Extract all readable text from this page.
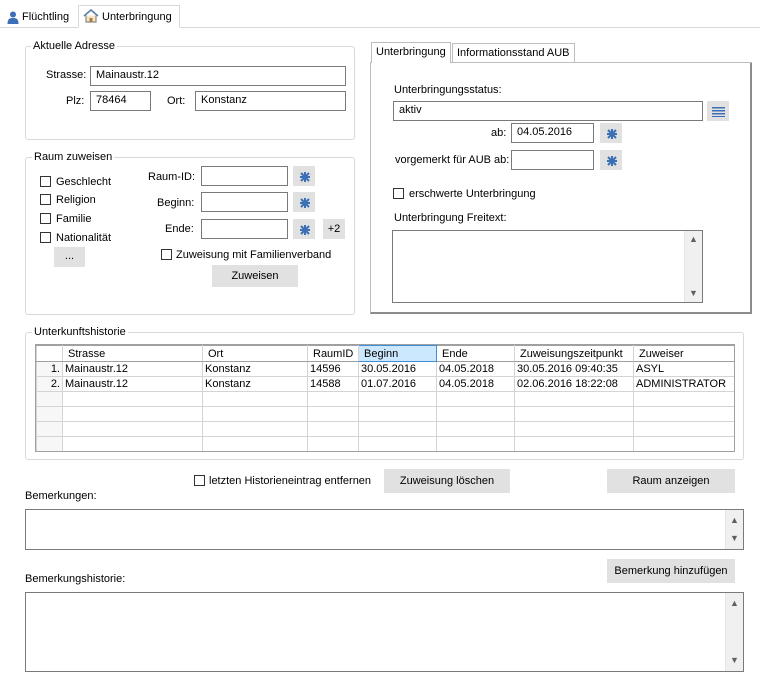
Flüchtling	Unterbringung
Aktuelle Adresse
Strasse: Mainaustr.12
Plz:	78464	Ort:	Konstanz
Raum zuweisen
Geschlecht
Religion
Familie
Nationalität
...
Raum-ID:
Beginn:
Ende:	+2
Zuweisung mit Familienverband
Zuweisen
Unterbringung	Informationsstand AUB
Unterbringungsstatus:
aktiv
ab: 04.05.2016
vorgemerkt für AUB ab:
erschwerte Unterbringung
Unterbringung Freitext:
▲
▼
Unterkunftshistorie
	Strasse	Ort	RaumID	Beginn	Ende	Zuweisungszeitpunkt	Zuweiser
1.	Mainaustr.12	Konstanz	14596	30.05.2016	04.05.2018	30.05.2016 09:40:35	ASYL
2.	Mainaustr.12	Konstanz	14588	01.07.2016	04.05.2018	02.06.2016 18:22:08	ADMINISTRATOR

letzten Historieneintrag entfernen	Zuweisung löschen	Raum anzeigen
Bemerkungen:
▲
▼
Bemerkungshistorie:
Bemerkung hinzufügen
▲
▼
